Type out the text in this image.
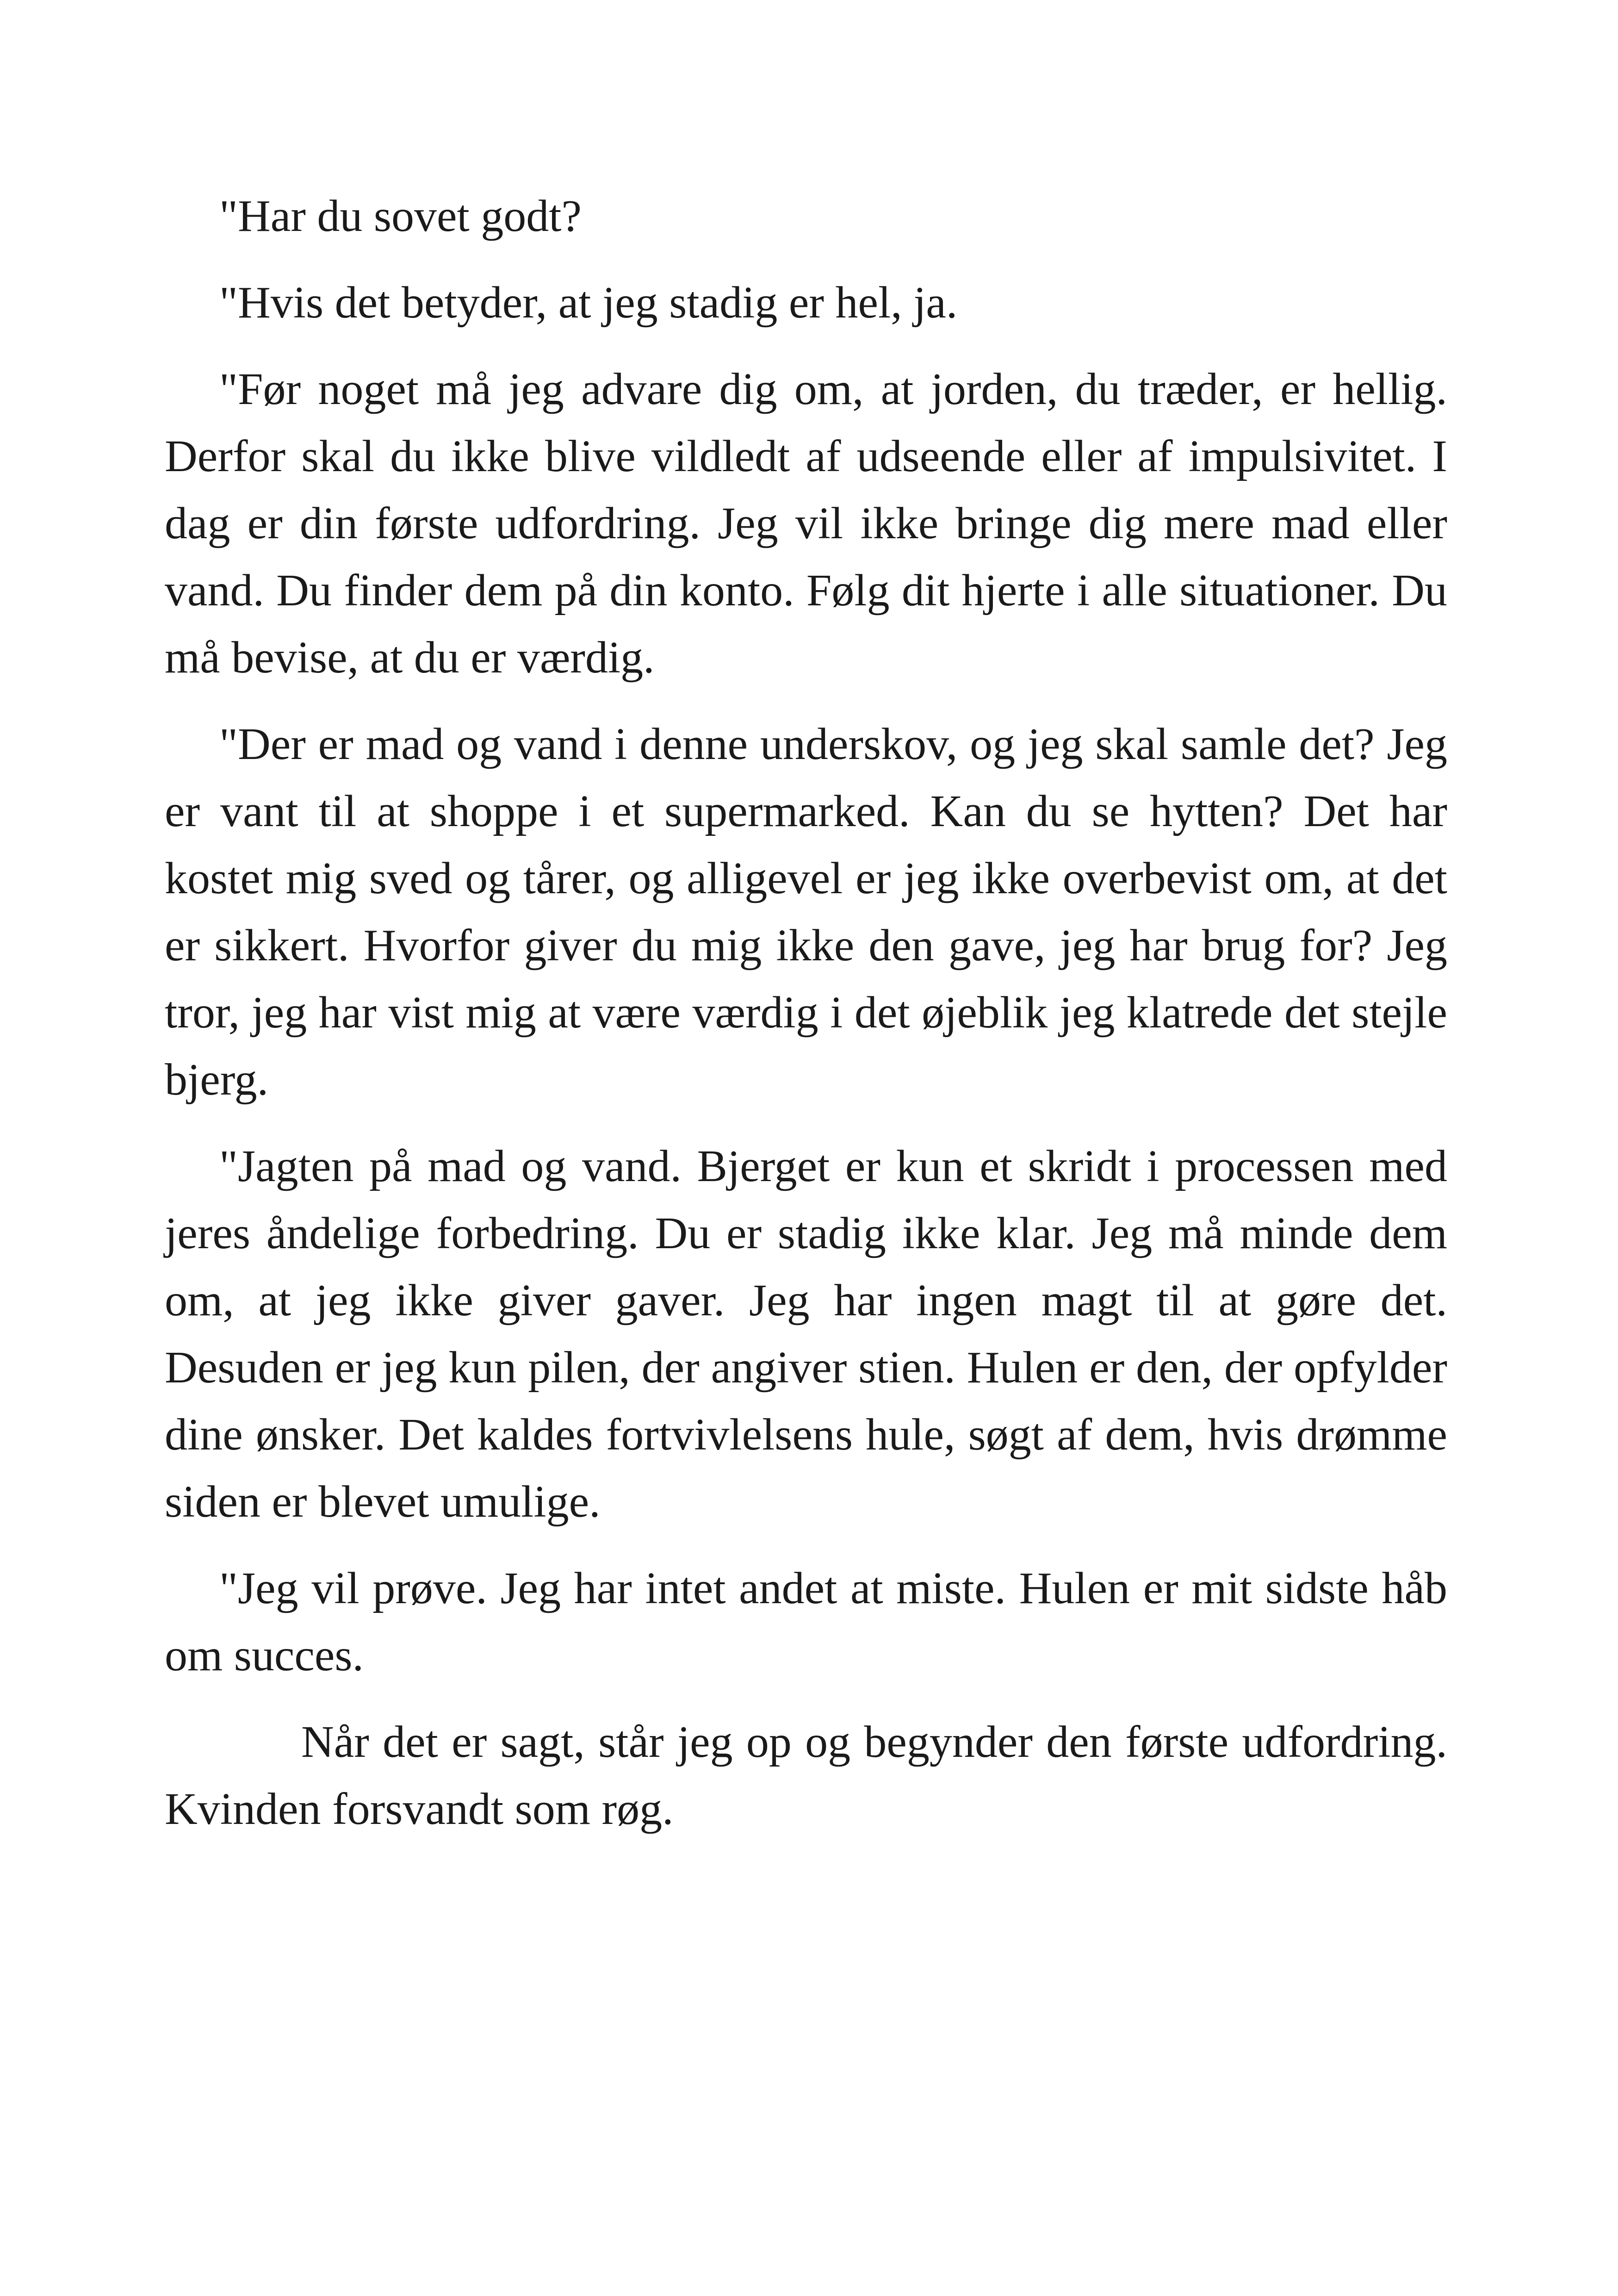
"Har du sovet godt?

"Hvis det betyder, at jeg stadig er hel, ja.

"Før noget må jeg advare dig om, at jorden, du træder, er hellig. Derfor skal du ikke blive vildledt af udseende eller af impulsivitet. I dag er din første udfordring. Jeg vil ikke bringe dig mere mad eller vand. Du finder dem på din konto. Følg dit hjerte i alle situationer. Du må bevise, at du er værdig.

"Der er mad og vand i denne underskov, og jeg skal samle det? Jeg er vant til at shoppe i et supermarked. Kan du se hytten? Det har kostet mig sved og tårer, og alligevel er jeg ikke overbevist om, at det er sikkert. Hvorfor giver du mig ikke den gave, jeg har brug for? Jeg tror, jeg har vist mig at være værdig i det øjeblik jeg klatrede det stejle bjerg.

"Jagten på mad og vand. Bjerget er kun et skridt i processen med jeres åndelige forbedring. Du er stadig ikke klar. Jeg må minde dem om, at jeg ikke giver gaver. Jeg har ingen magt til at gøre det. Desuden er jeg kun pilen, der angiver stien. Hulen er den, der opfylder dine ønsker. Det kaldes fortvivlelsens hule, søgt af dem, hvis drømme siden er blevet umulige.

"Jeg vil prøve. Jeg har intet andet at miste. Hulen er mit sidste håb om succes.

Når det er sagt, står jeg op og begynder den første udfordring. Kvinden forsvandt som røg.
